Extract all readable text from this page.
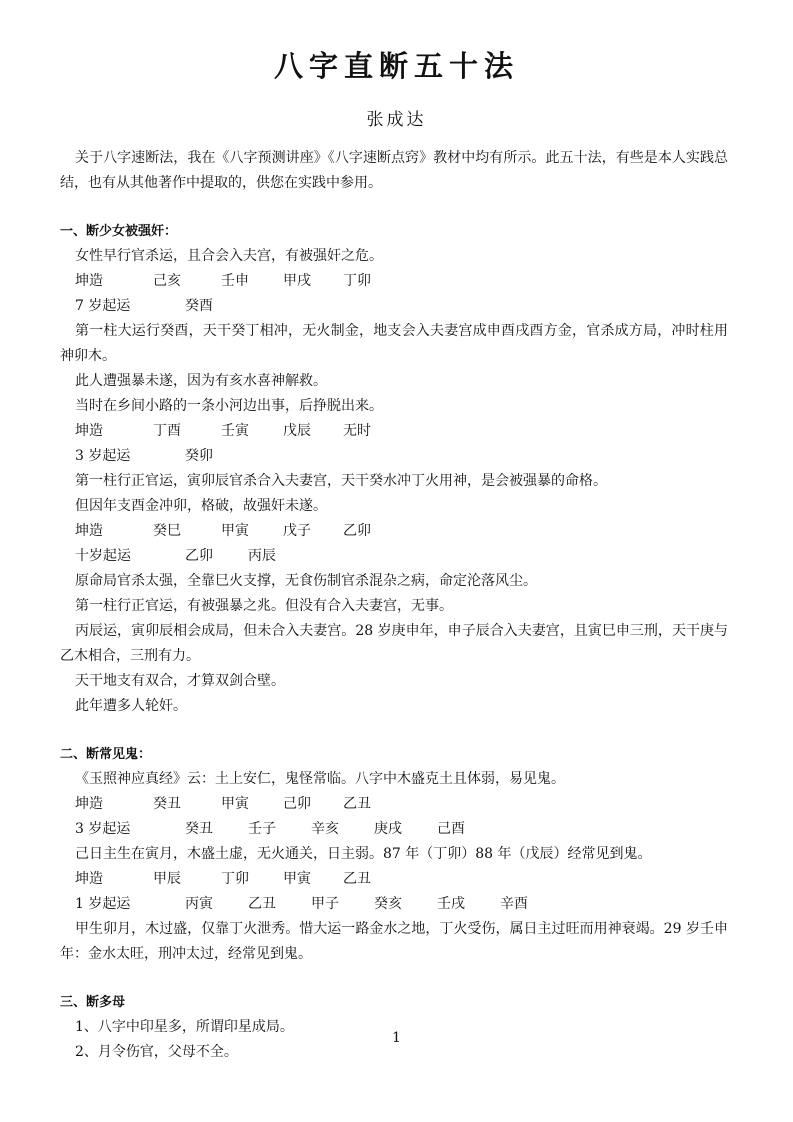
八字直断五十法
张成达
关于八字速断法，我在《八字预测讲座》《八字速断点窍》教材中均有所示。此五十法，有些是本人实践总结，也有从其他著作中提取的，供您在实践中参用。
一、断少女被强奸：
女性早行官杀运，且合会入夫宫，有被强奸之危。
坤造	己亥	壬申 甲戌 丁卯
7 岁起运	癸酉
第一柱大运行癸酉，天干癸丁相冲，无火制金，地支会入夫妻宫成申酉戌酉方金，官杀成方局，冲时柱用神卯木。
此人遭强暴未遂，因为有亥水喜神解救。
当时在乡间小路的一条小河边出事，后挣脱出来。
坤造	丁酉	壬寅 戊辰 无时
3 岁起运	癸卯
第一柱行正官运，寅卯辰官杀合入夫妻宫，天干癸水冲丁火用神，是会被强暴的命格。
但因年支酉金冲卯，格破，故强奸未遂。
坤造	癸巳	甲寅 戊子 乙卯
十岁起运	乙卯	丙辰
原命局官杀太强，全靠巳火支撑，无食伤制官杀混杂之病，命定沦落风尘。
第一柱行正官运，有被强暴之兆。但没有合入夫妻宫，无事。
丙辰运，寅卯辰相会成局，但未合入夫妻宫。28 岁庚申年，申子辰合入夫妻宫，且寅巳申三刑，天干庚与乙木相合，三刑有力。
天干地支有双合，才算双剑合壁。
此年遭多人轮奸。
二、断常见鬼：
《玉照神应真经》云：土上安仁，鬼怪常临。八字中木盛克土且体弱，易见鬼。
坤造	癸丑	甲寅 己卯 乙丑
3 岁起运	癸丑	壬子	辛亥	庚戌	己酉
己日主生在寅月，木盛土虚，无火通关，日主弱。87 年（丁卯）88 年（戊辰）经常见到鬼。
坤造	甲辰	丁卯 甲寅 乙丑
1 岁起运	丙寅	乙丑	甲子	癸亥	壬戌	辛酉
甲生卯月，木过盛，仅靠丁火泄秀。惜大运一路金水之地，丁火受伤，属日主过旺而用神衰竭。29 岁壬申年：金水太旺，刑冲太过，经常见到鬼。
三、断多母
1、八字中印星多，所谓印星成局。
2、月令伤官，父母不全。
1
